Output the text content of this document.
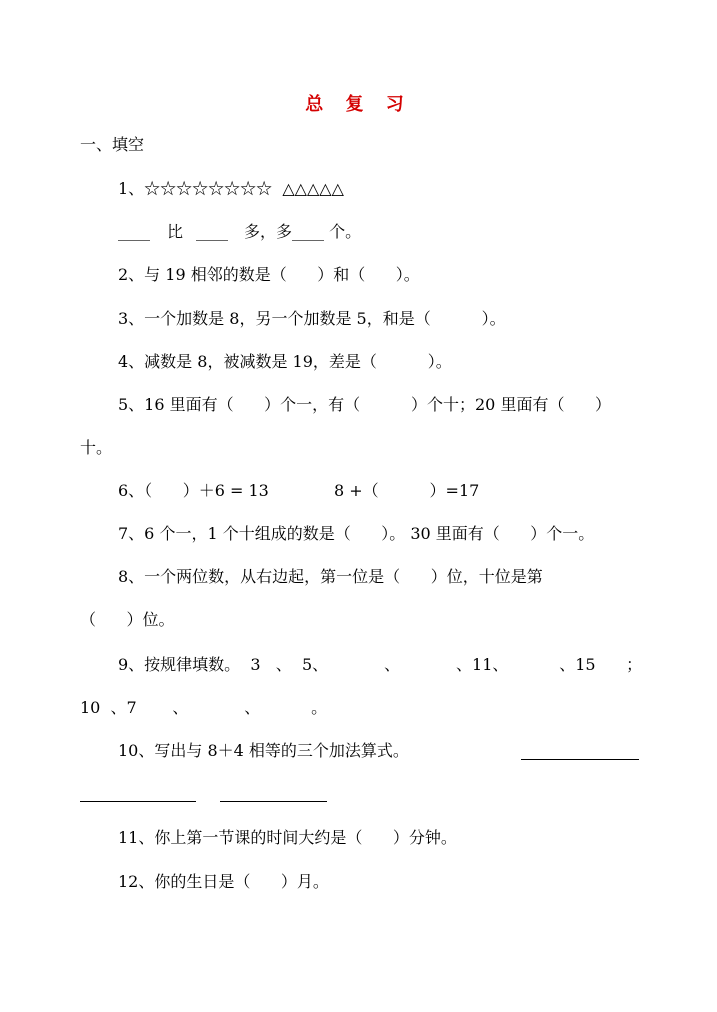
总 复 习
一、填空
1、☆☆☆☆☆☆☆☆  △△△△△
____ 比 ____ 多，多____ 个。
2、与 19 相邻的数是（      ）和（      ）。
3、一个加数是 8，另一个加数是 5，和是（          ）。
4、减数是 8，被减数是 19，差是（          ）。
5、16 里面有（      ）个一，有（          ）个十；20 里面有（      ）
十。
6、（      ）＋6 = 13	8 +（          ）=17
7、6 个一，1 个十组成的数是（      ）。 30 里面有（      ）个一。
8、一个两位数，从右边起，第一位是（      ）位，十位是第
（      ）位。
9、按规律填数。  3   、  5、           、           、11、          、15      ；
10  、7       、           、          。
10、写出与 8＋4 相等的三个加法算式。
11、你上第一节课的时间大约是（      ）分钟。
12、你的生日是（      ）月。
